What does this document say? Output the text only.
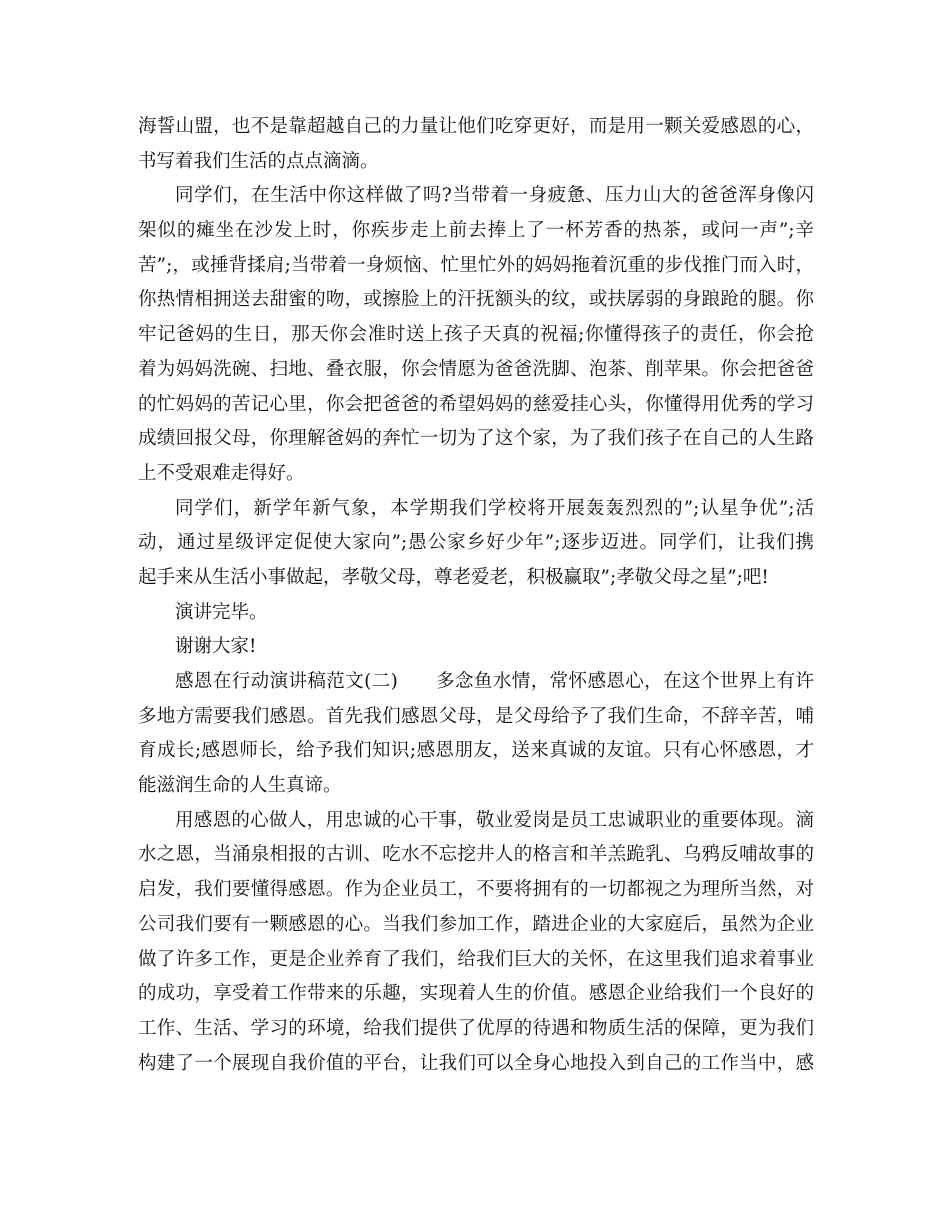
海誓山盟，也不是靠超越自己的力量让他们吃穿更好，而是用一颗关爱感恩的心，
书写着我们生活的点点滴滴。
同学们，在生活中你这样做了吗?当带着一身疲惫、压力山大的爸爸浑身像闪
架似的瘫坐在沙发上时，你疾步走上前去捧上了一杯芳香的热茶，或问一声”;辛
苦”;，或捶背揉肩;当带着一身烦恼、忙里忙外的妈妈拖着沉重的步伐推门而入时，
你热情相拥送去甜蜜的吻，或擦脸上的汗抚额头的纹，或扶孱弱的身踉跄的腿。你
牢记爸妈的生日，那天你会准时送上孩子天真的祝福;你懂得孩子的责任，你会抢
着为妈妈洗碗、扫地、叠衣服，你会情愿为爸爸洗脚、泡茶、削苹果。你会把爸爸
的忙妈妈的苦记心里，你会把爸爸的希望妈妈的慈爱挂心头，你懂得用优秀的学习
成绩回报父母，你理解爸妈的奔忙一切为了这个家，为了我们孩子在自己的人生路
上不受艰难走得好。
同学们，新学年新气象，本学期我们学校将开展轰轰烈烈的”;认星争优”;活
动，通过星级评定促使大家向”;愚公家乡好少年”;逐步迈进。同学们，让我们携
起手来从生活小事做起，孝敬父母，尊老爱老，积极赢取”;孝敬父母之星”;吧!
演讲完毕。
谢谢大家!
感恩在行动演讲稿范文(二)　　多念鱼水情，常怀感恩心，在这个世界上有许
多地方需要我们感恩。首先我们感恩父母，是父母给予了我们生命，不辞辛苦，哺
育成长;感恩师长，给予我们知识;感恩朋友，送来真诚的友谊。只有心怀感恩，才
能滋润生命的人生真谛。
用感恩的心做人，用忠诚的心干事，敬业爱岗是员工忠诚职业的重要体现。滴
水之恩，当涌泉相报的古训、吃水不忘挖井人的格言和羊羔跪乳、乌鸦反哺故事的
启发，我们要懂得感恩。作为企业员工，不要将拥有的一切都视之为理所当然，对
公司我们要有一颗感恩的心。当我们参加工作，踏进企业的大家庭后，虽然为企业
做了许多工作，更是企业养育了我们，给我们巨大的关怀，在这里我们追求着事业
的成功，享受着工作带来的乐趣，实现着人生的价值。感恩企业给我们一个良好的
工作、生活、学习的环境，给我们提供了优厚的待遇和物质生活的保障，更为我们
构建了一个展现自我价值的平台，让我们可以全身心地投入到自己的工作当中，感
